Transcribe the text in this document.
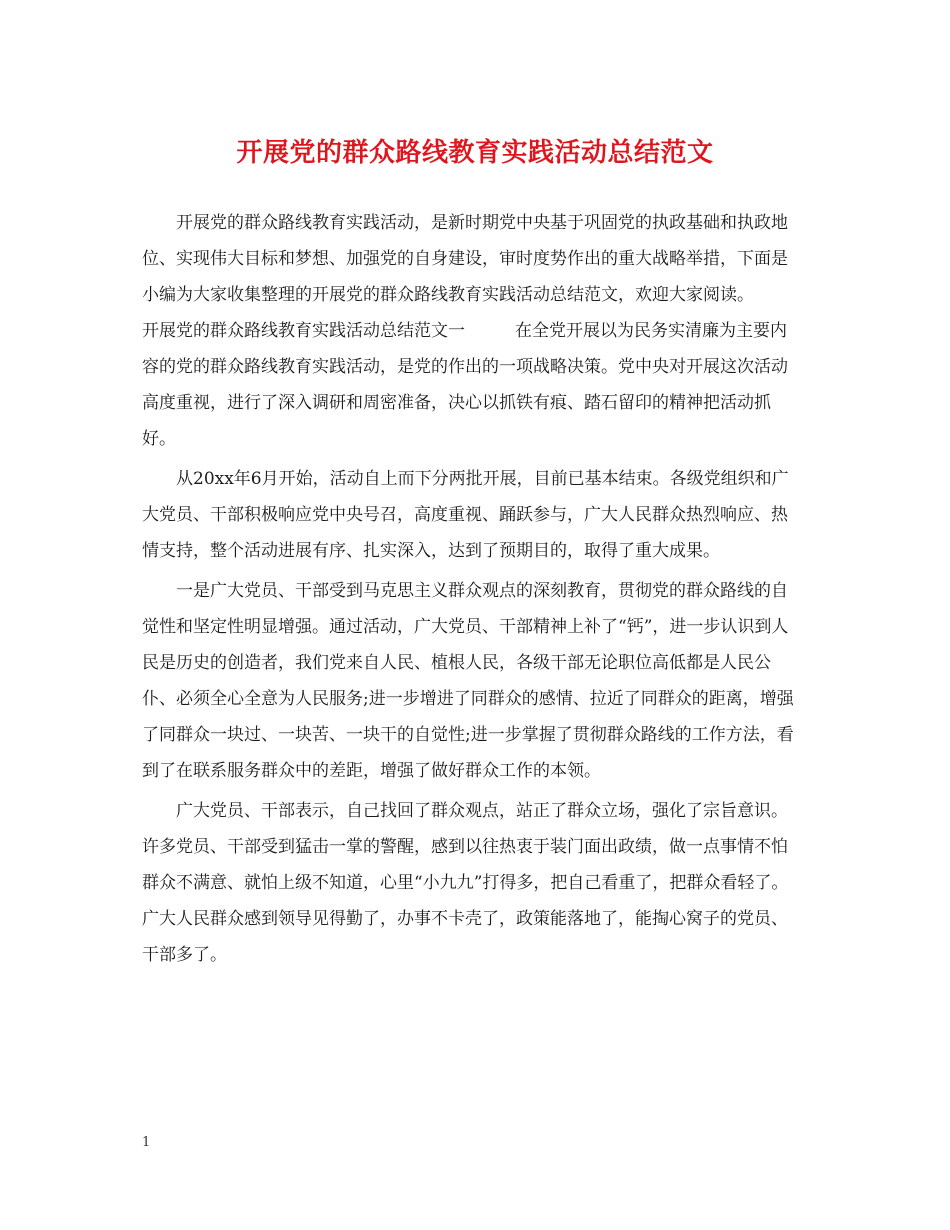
开展党的群众路线教育实践活动总结范文

开展党的群众路线教育实践活动，是新时期党中央基于巩固党的执政基础和执政地位、实现伟大目标和梦想、加强党的自身建设，审时度势作出的重大战略举措，下面是小编为大家收集整理的开展党的群众路线教育实践活动总结范文，欢迎大家阅读。

开展党的群众路线教育实践活动总结范文一	在全党开展以为民务实清廉为主要内容的党的群众路线教育实践活动，是党的作出的一项战略决策。党中央对开展这次活动高度重视，进行了深入调研和周密准备，决心以抓铁有痕、踏石留印的精神把活动抓好。

从20xx年6月开始，活动自上而下分两批开展，目前已基本结束。各级党组织和广大党员、干部积极响应党中央号召，高度重视、踊跃参与，广大人民群众热烈响应、热情支持，整个活动进展有序、扎实深入，达到了预期目的，取得了重大成果。

一是广大党员、干部受到马克思主义群众观点的深刻教育，贯彻党的群众路线的自觉性和坚定性明显增强。通过活动，广大党员、干部精神上补了“钙”，进一步认识到人民是历史的创造者，我们党来自人民、植根人民，各级干部无论职位高低都是人民公仆、必须全心全意为人民服务;进一步增进了同群众的感情、拉近了同群众的距离，增强了同群众一块过、一块苦、一块干的自觉性;进一步掌握了贯彻群众路线的工作方法，看到了在联系服务群众中的差距，增强了做好群众工作的本领。

广大党员、干部表示，自己找回了群众观点，站正了群众立场，强化了宗旨意识。许多党员、干部受到猛击一掌的警醒，感到以往热衷于装门面出政绩，做一点事情不怕群众不满意、就怕上级不知道，心里“小九九”打得多，把自己看重了，把群众看轻了。广大人民群众感到领导见得勤了，办事不卡壳了，政策能落地了，能掏心窝子的党员、干部多了。

1
